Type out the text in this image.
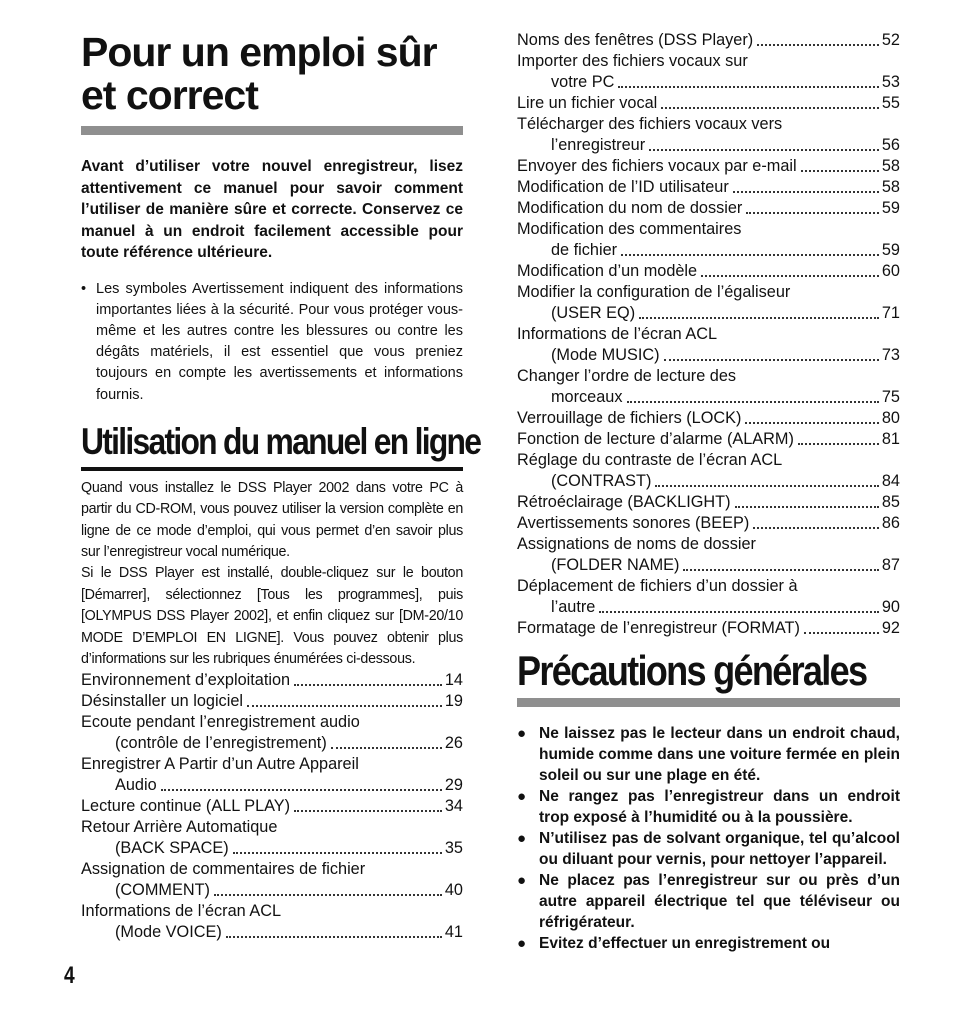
Pour un emploi sûr
et correct

Avant d’utiliser votre nouvel enregistreur, lisez attentivement ce manuel pour savoir comment l’utiliser de manière sûre et correcte. Conservez ce manuel à un endroit facilement accessible pour toute référence ultérieure.

• Les symboles Avertissement indiquent des informations importantes liées à la sécurité. Pour vous protéger vous-même et les autres contre les blessures ou contre les dégâts matériels, il est essentiel que vous preniez toujours en compte les avertissements et informations fournis.

Utilisation du manuel en ligne

Quand vous installez le DSS Player 2002 dans votre PC à partir du CD-ROM, vous pouvez utiliser la version complète en ligne de ce mode d’emploi, qui vous permet d’en savoir plus sur l’enregistreur vocal numérique.

Si le DSS Player est installé, double-cliquez sur le bouton [Démarrer], sélectionnez [Tous les programmes], puis [OLYMPUS DSS Player 2002], et enfin cliquez sur [DM-20/10 MODE D’EMPLOI EN LIGNE]. Vous pouvez obtenir plus d’informations sur les rubriques énumérées ci-dessous.

Environnement d’exploitation	14
Désinstaller un logiciel	19
Ecoute pendant l’enregistrement audio
(contrôle de l’enregistrement)	26
Enregistrer A Partir d’un Autre Appareil
Audio	29
Lecture continue (ALL PLAY)	34
Retour Arrière Automatique
(BACK SPACE)	35
Assignation de commentaires de fichier
(COMMENT)	40
Informations de l’écran ACL
(Mode VOICE)	41
Noms des fenêtres (DSS Player)	52
Importer des fichiers vocaux sur
votre PC	53
Lire un fichier vocal	55
Télécharger des fichiers vocaux vers
l’enregistreur	56
Envoyer des fichiers vocaux par e-mail	58
Modification de l’ID utilisateur	58
Modification du nom de dossier	59
Modification des commentaires
de fichier	59
Modification d’un modèle	60
Modifier la configuration de l’égaliseur
(USER EQ)	71
Informations de l’écran ACL
(Mode MUSIC)	73
Changer l’ordre de lecture des
morceaux	75
Verrouillage de fichiers (LOCK)	80
Fonction de lecture d’alarme (ALARM)	81
Réglage du contraste de l’écran ACL
(CONTRAST)	84
Rétroéclairage (BACKLIGHT)	85
Avertissements sonores (BEEP)	86
Assignations de noms de dossier
(FOLDER NAME)	87
Déplacement de fichiers d’un dossier à
l’autre	90
Formatage de l’enregistreur (FORMAT)	92
Précautions générales
● Ne laissez pas le lecteur dans un endroit chaud, humide comme dans une voiture fermée en plein soleil ou sur une plage en été.
● Ne rangez pas l’enregistreur dans un endroit trop exposé à l’humidité ou à la poussière.
● N’utilisez pas de solvant organique, tel qu’alcool ou diluant pour vernis, pour nettoyer l’appareil.
● Ne placez pas l’enregistreur sur ou près d’un autre appareil électrique tel que téléviseur ou réfrigérateur.
● Evitez d’effectuer un enregistrement ou
4
